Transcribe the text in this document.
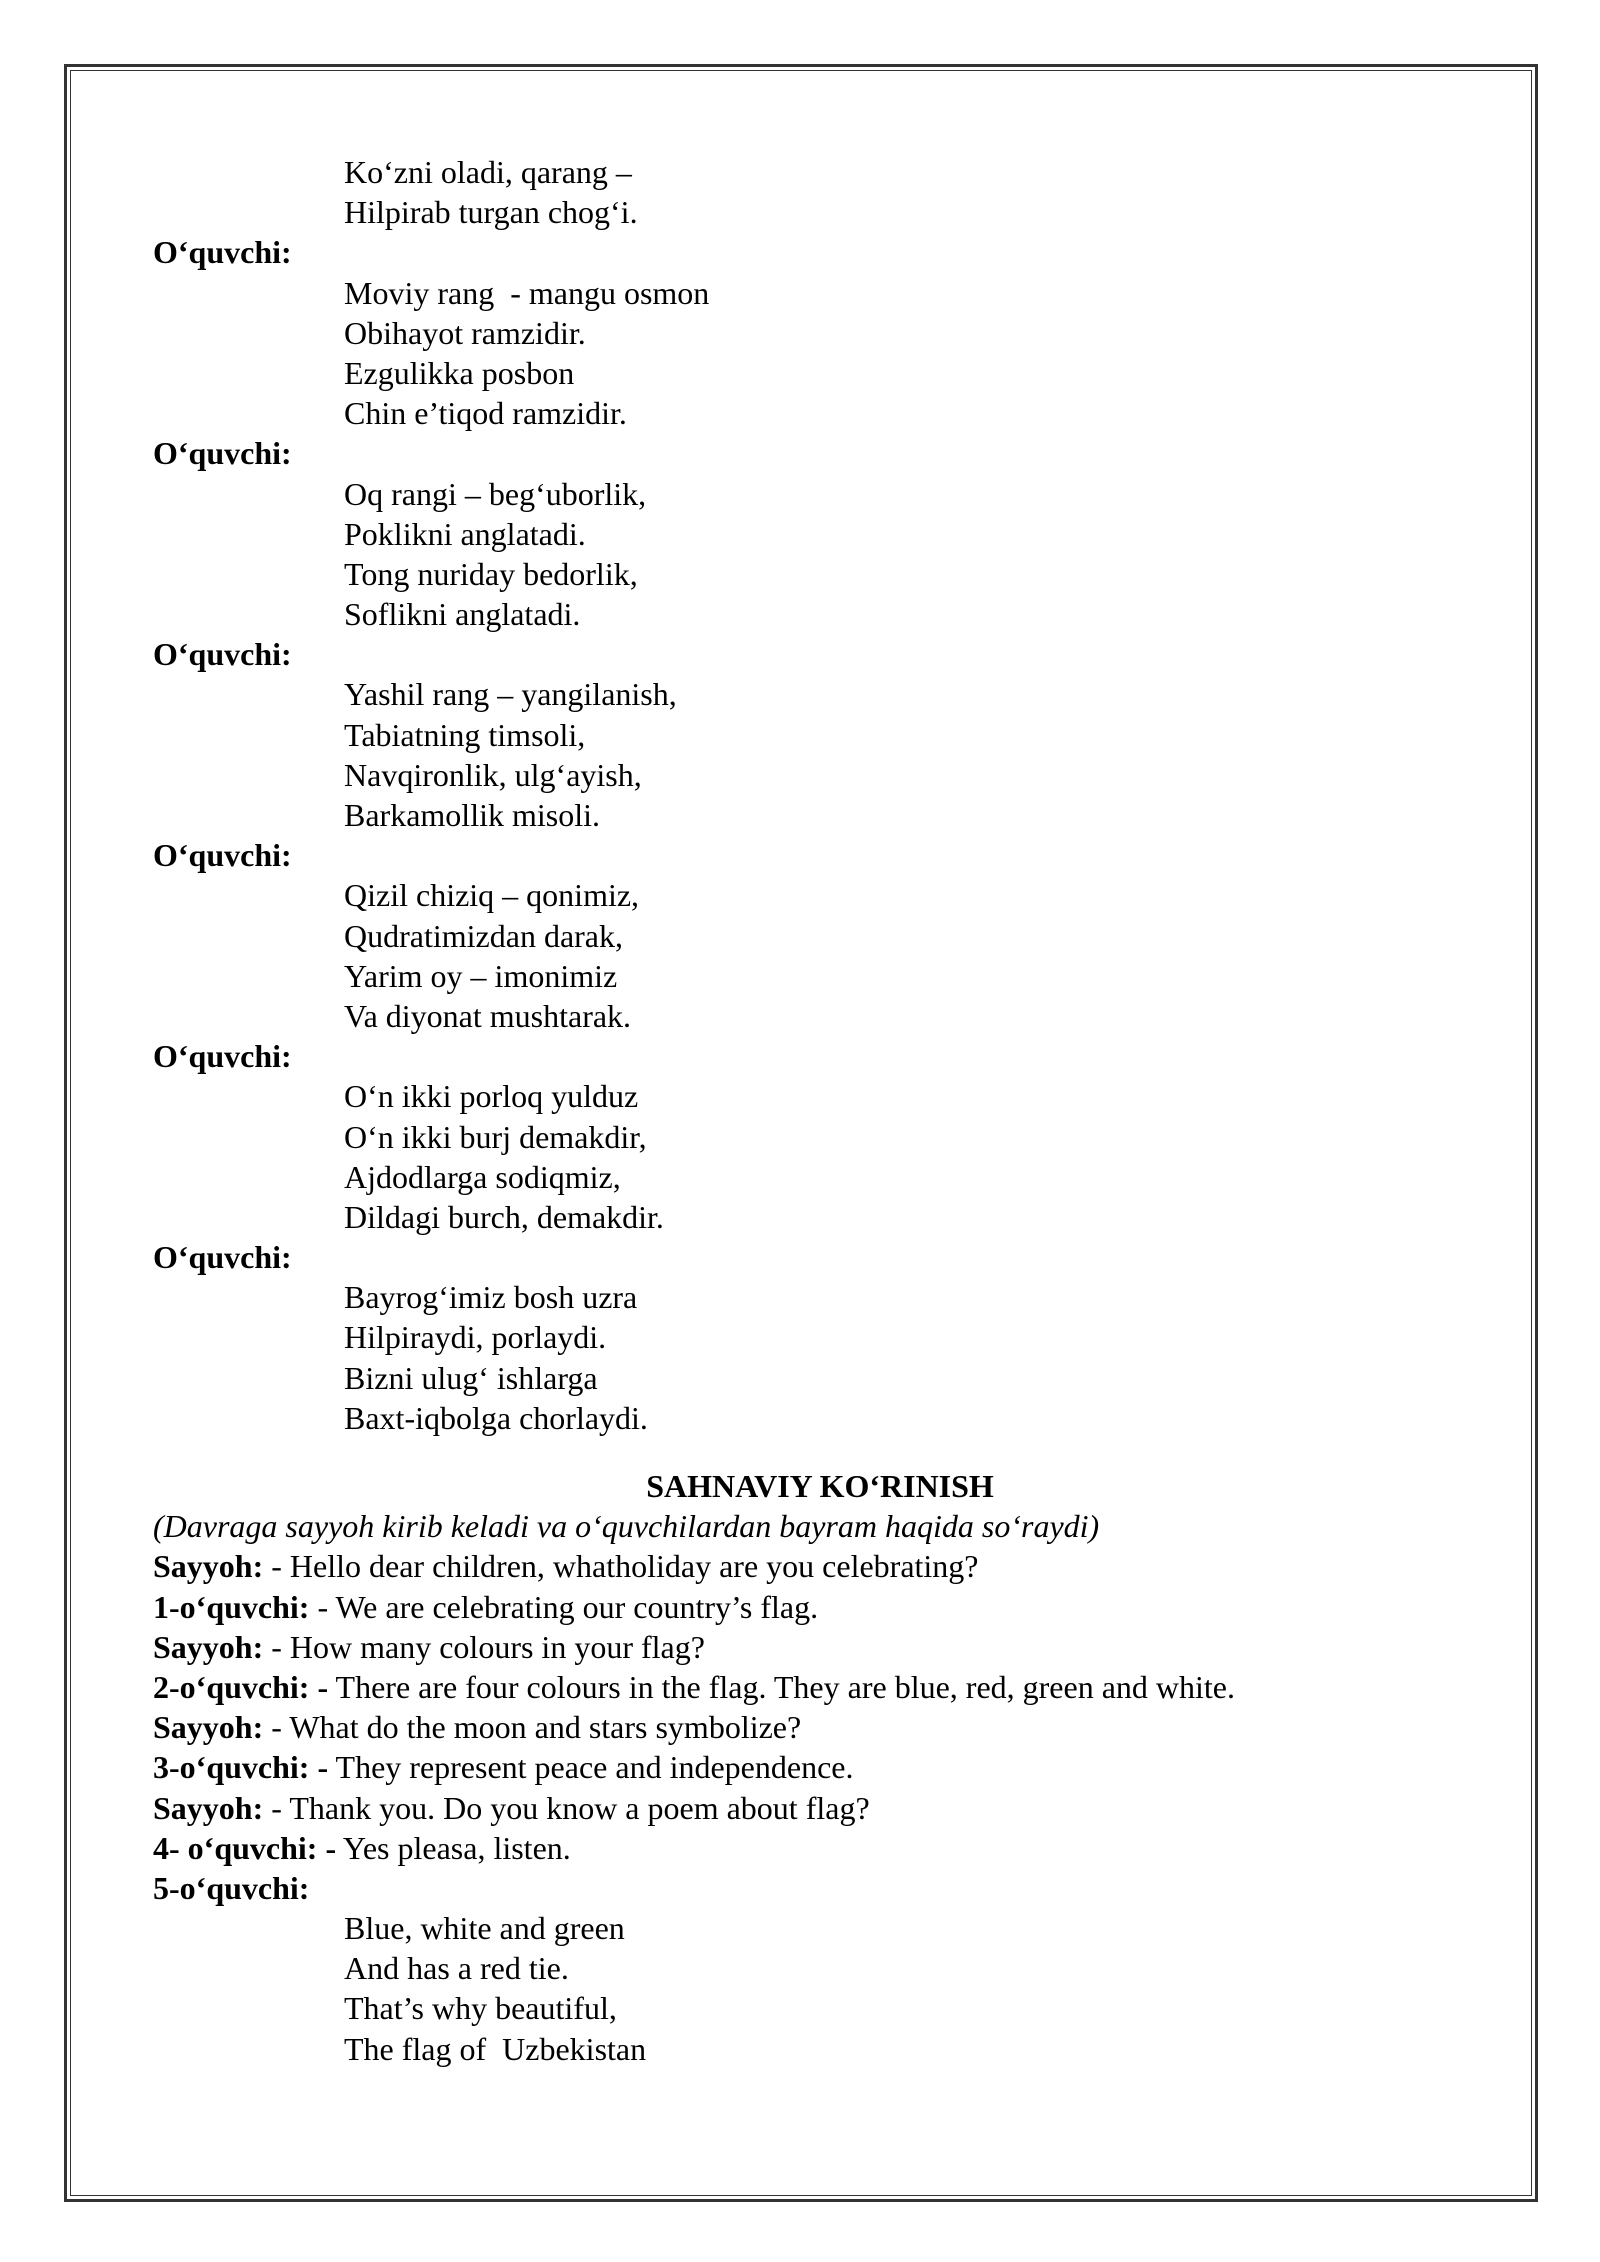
Ko‘zni oladi, qarang –
Hilpirab turgan chog‘i.
O‘quvchi:
Moviy rang  - mangu osmon
Obihayot ramzidir.
Ezgulikka posbon
Chin e’tiqod ramzidir.
O‘quvchi:
Oq rangi – beg‘uborlik,
Poklikni anglatadi.
Tong nuriday bedorlik,
Soflikni anglatadi.
O‘quvchi:
Yashil rang – yangilanish,
Tabiatning timsoli,
Navqironlik, ulg‘ayish,
Barkamollik misoli.
O‘quvchi:
Qizil chiziq – qonimiz,
Qudratimizdan darak,
Yarim oy – imonimiz
Va diyonat mushtarak.
O‘quvchi:
O‘n ikki porloq yulduz
O‘n ikki burj demakdir,
Ajdodlarga sodiqmiz,
Dildagi burch, demakdir.
O‘quvchi:
Bayrog‘imiz bosh uzra
Hilpiraydi, porlaydi.
Bizni ulug‘ ishlarga
Baxt-iqbolga chorlaydi.
SAHNAVIY KO‘RINISH
(Davraga sayyoh kirib keladi va o‘quvchilardan bayram haqida so‘raydi)
Sayyoh: - Hello dear children, whatholiday are you celebrating?
1-o‘quvchi: - We are celebrating our country’s flag.
Sayyoh: - How many colours in your flag?
2-o‘quvchi: - There are four colours in the flag. They are blue, red, green and white.
Sayyoh: - What do the moon and stars symbolize?
3-o‘quvchi: - They represent peace and independence.
Sayyoh: - Thank you. Do you know a poem about flag?
4- o‘quvchi: - Yes pleasa, listen.
5-o‘quvchi:
Blue, white and green
And has a red tie.
That’s why beautiful,
The flag of  Uzbekistan
